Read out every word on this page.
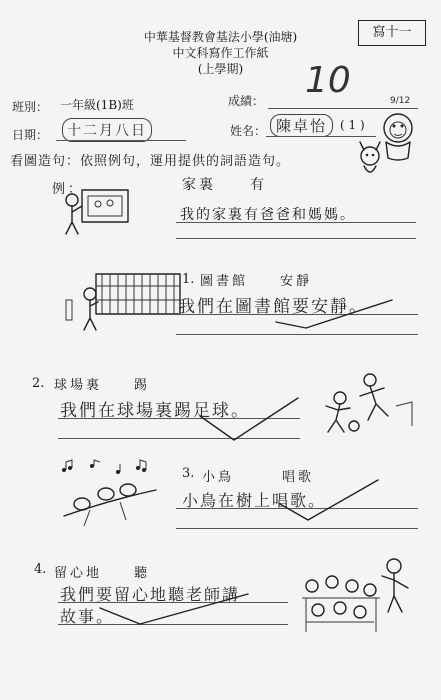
中華基督教會基法小學(油塘)
中文科寫作工作紙
(上學期)
寫十一
班別： 一年級(1B)班	成績： 10	9/12
日期：	十二月八日	姓名： 陳卓怡	( 1 )
看圖造句：依照例句，運用提供的詞語造句。
例：	家裏　　有
我的家裏有爸爸和媽媽。
1. 圖書館　　安靜
我們在圖書館要安靜。
2. 球場裏　　踢
我們在球場裏踢足球。
3. 小鳥　　　唱歌
小鳥在樹上唱歌。
4. 留心地　　聽
我們要留心地聽老師講
故事。
